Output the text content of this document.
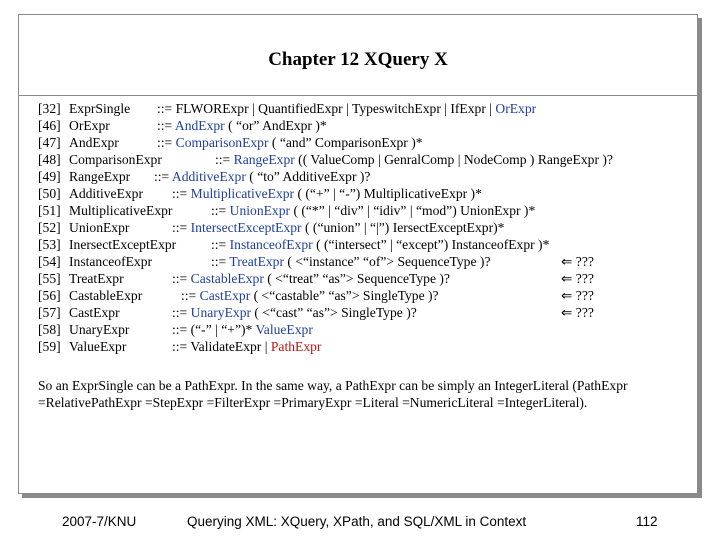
Chapter 12 XQuery X
[32] ExprSingle ::= FLWORExpr | QuantifiedExpr | TypeswitchExpr | IfExpr | OrExpr
[46] OrExpr	::= AndExpr ( “or” AndExpr )*
[47] AndExpr	::= ComparisonExpr ( “and” ComparisonExpr )*
[48] ComparisonExpr	::= RangeExpr (( ValueComp | GenralComp | NodeComp ) RangeExpr )?
[49] RangeExpr ::= AdditiveExpr ( “to” AdditiveExpr )?
[50] AdditiveExpr ::= MultiplicativeExpr ( (“+” | “-”) MultiplicativeExpr )*
[51] MultiplicativeExpr	::= UnionExpr ( (“*” | “div” | “idiv” | “mod”) UnionExpr )*
[52] UnionExpr	::= IntersectExceptExpr ( (“union” | “|”) IersectExceptExpr)*
[53] InersectExceptExpr	::= InstanceofExpr ( (“intersect” | “except”) InstanceofExpr )*
[54] InstanceofExpr	::= TreatExpr ( <“instance” “of”> SequenceType )?	⇐ ???
[55] TreatExpr	::= CastableExpr ( <“treat” “as”> SequenceType )?	⇐ ???
[56] CastableExpr	::= CastExpr ( <“castable” “as”> SingleType )?	⇐ ???
[57] CastExpr	::= UnaryExpr ( <“cast” “as”> SingleType )?	⇐ ???
[58] UnaryExpr	::= (“-” | “+”)* ValueExpr
[59] ValueExpr	::= ValidateExpr | PathExpr
So an ExprSingle can be a PathExpr. In the same way, a PathExpr can be simply an IntegerLiteral (PathExpr =RelativePathExpr =StepExpr =FilterExpr =PrimaryExpr =Literal =NumericLiteral =IntegerLiteral).
2007-7/KNU	Querying XML: XQuery, XPath, and SQL/XML in Context	112
